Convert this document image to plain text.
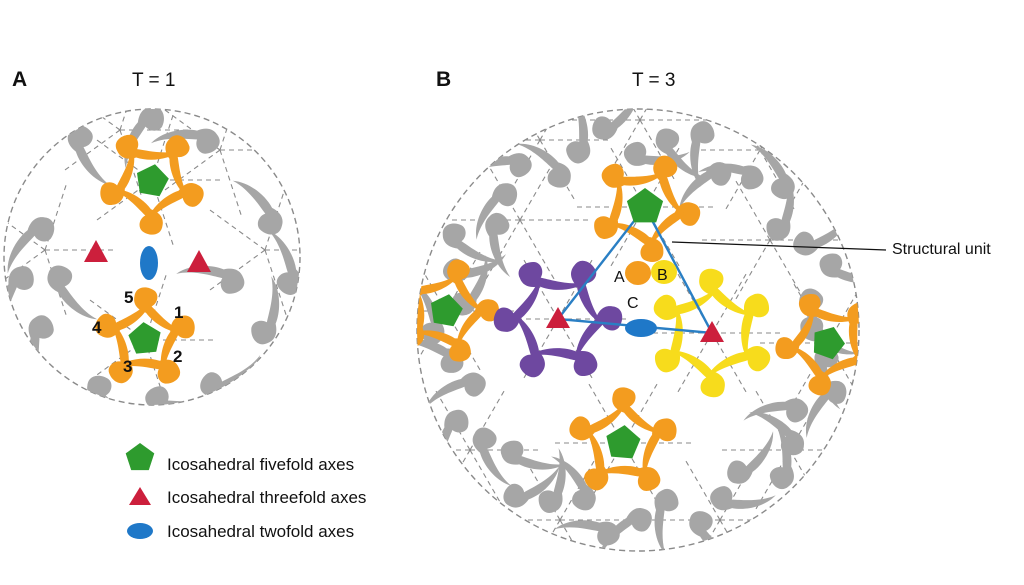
A	T = 1
1
2
3
4
5
B	T = 3
A B
C
Structural unit
Icosahedral fivefold axes
Icosahedral threefold axes
Icosahedral twofold axes
